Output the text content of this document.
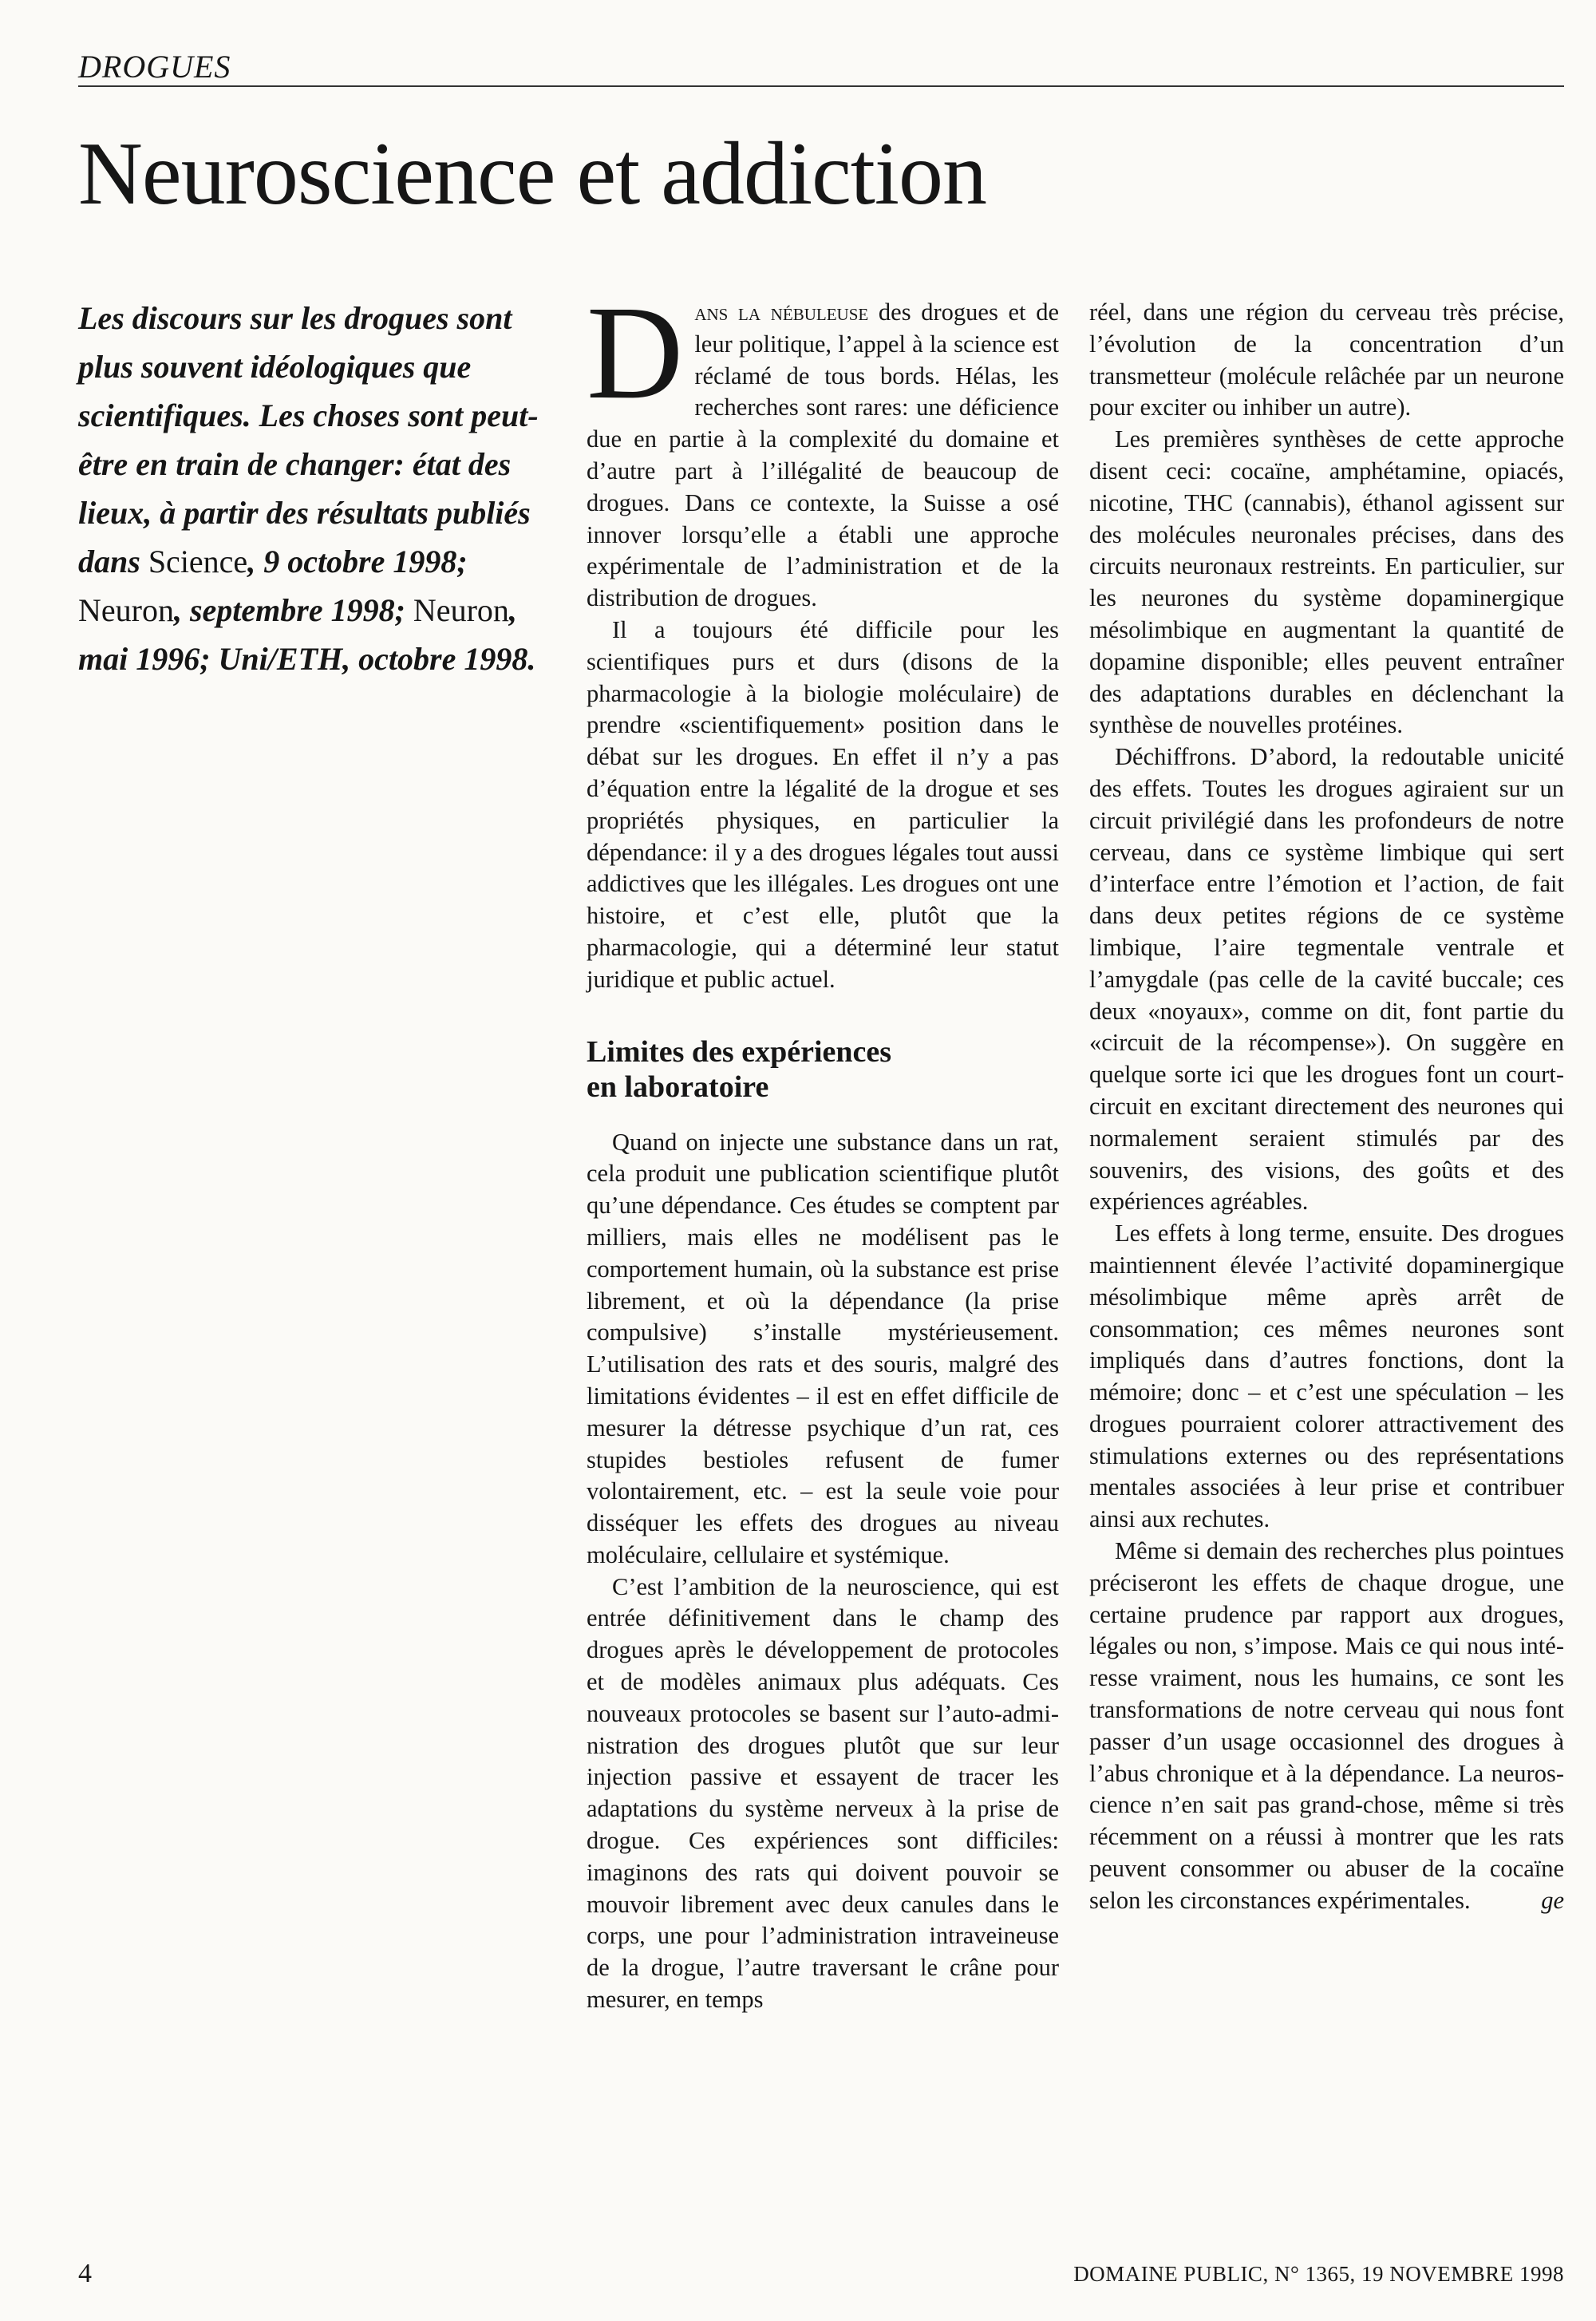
DROGUES
Neuroscience et addiction

Les discours sur les drogues sont plus souvent idéologiques que scientifiques. Les choses sont peut-être en train de changer: état des lieux, à partir des résultats publiés dans Science, 9 octobre 1998; Neuron, septembre 1998; Neuron, mai 1996; Uni/ETH, octobre 1998.

Dans la nébuleuse des drogues et de leur politique, l’appel à la science est réclamé de tous bords. Hélas, les recherches sont rares: une déficience due en partie à la complexité du domaine et d’autre part à l’illégalité de beaucoup de drogues. Dans ce contexte, la Suisse a osé innover lorsqu’elle a établi une approche expérimentale de l’administration et de la distribution de drogues.

Il a toujours été difficile pour les scientifiques purs et durs (disons de la pharmacologie à la biologie moléculaire) de prendre «scientifiquement» position dans le débat sur les drogues. En effet il n’y a pas d’équation entre la légalité de la drogue et ses propriétés physiques, en particulier la dépendance: il y a des drogues légales tout aussi addictives que les illégales. Les drogues ont une histoire, et c’est elle, plutôt que la pharmacologie, qui a déterminé leur statut juridique et public actuel.

Limites des expériences
en laboratoire

Quand on injecte une substance dans un rat, cela produit une publication scientifique plutôt qu’une dépendance. Ces études se comptent par milliers, mais elles ne modélisent pas le comportement humain, où la substance est prise librement, et où la dépendance (la prise compulsive) s’installe mystérieusement. L’utilisation des rats et des souris, malgré des limitations évidentes – il est en effet difficile de mesurer la détresse psychique d’un rat, ces stupides bestioles refusent de fumer volontairement, etc. – est la seule voie pour disséquer les effets des drogues au niveau moléculaire, cellulaire et systémique.

C’est l’ambition de la neuroscience, qui est entrée définitivement dans le champ des drogues après le développement de protocoles et de modèles animaux plus adéquats. Ces nouveaux protocoles se basent sur l’auto-administration des drogues plutôt que sur leur injection passive et essayent de tracer les adaptations du système nerveux à la prise de drogue. Ces expériences sont difficiles: imaginons des rats qui doivent pouvoir se mouvoir librement avec deux canules dans le corps, une pour l’administration intraveineuse de la drogue, l’autre traversant le crâne pour mesurer, en temps

réel, dans une région du cerveau très précise, l’évolution de la concentration d’un transmetteur (molécule relâchée par un neurone pour exciter ou inhiber un autre).

Les premières synthèses de cette approche disent ceci: cocaïne, amphétamine, opiacés, nicotine, THC (cannabis), éthanol agissent sur des molécules neuronales précises, dans des circuits neuronaux restreints. En particulier, sur les neurones du système dopaminergique mésolimbique en augmentant la quantité de dopamine disponible; elles peuvent entraîner des adaptations durables en déclenchant la synthèse de nouvelles protéines.

Déchiffrons. D’abord, la redoutable unicité des effets. Toutes les drogues agiraient sur un circuit privilégié dans les profondeurs de notre cerveau, dans ce système limbique qui sert d’interface entre l’émotion et l’action, de fait dans deux petites régions de ce système limbique, l’aire tegmentale ventrale et l’amygdale (pas celle de la cavité buccale; ces deux «noyaux», comme on dit, font partie du «circuit de la récompense»). On suggère en quelque sorte ici que les drogues font un courtcircuit en excitant directement des neurones qui normalement seraient stimulés par des souvenirs, des visions, des goûts et des expériences agréables.

Les effets à long terme, ensuite. Des drogues maintiennent élevée l’activité dopaminergique mésolimbique même après arrêt de consommation; ces mêmes neurones sont impliqués dans d’autres fonctions, dont la mémoire; donc – et c’est une spéculation – les drogues pourraient colorer attractivement des stimulations externes ou des représentations mentales associées à leur prise et contribuer ainsi aux rechutes.

Même si demain des recherches plus pointues préciseront les effets de chaque drogue, une certaine prudence par rapport aux drogues, légales ou non, s’impose. Mais ce qui nous intéresse vraiment, nous les humains, ce sont les transformations de notre cerveau qui nous font passer d’un usage occasionnel des drogues à l’abus chronique et à la dépendance. La neuroscience n’en sait pas grand-chose, même si très récemment on a réussi à montrer que les rats peuvent consommer ou abuser de la cocaïne selon les circonstances expérimentales.	ge

4	DOMAINE PUBLIC, N° 1365, 19 NOVEMBRE 1998
